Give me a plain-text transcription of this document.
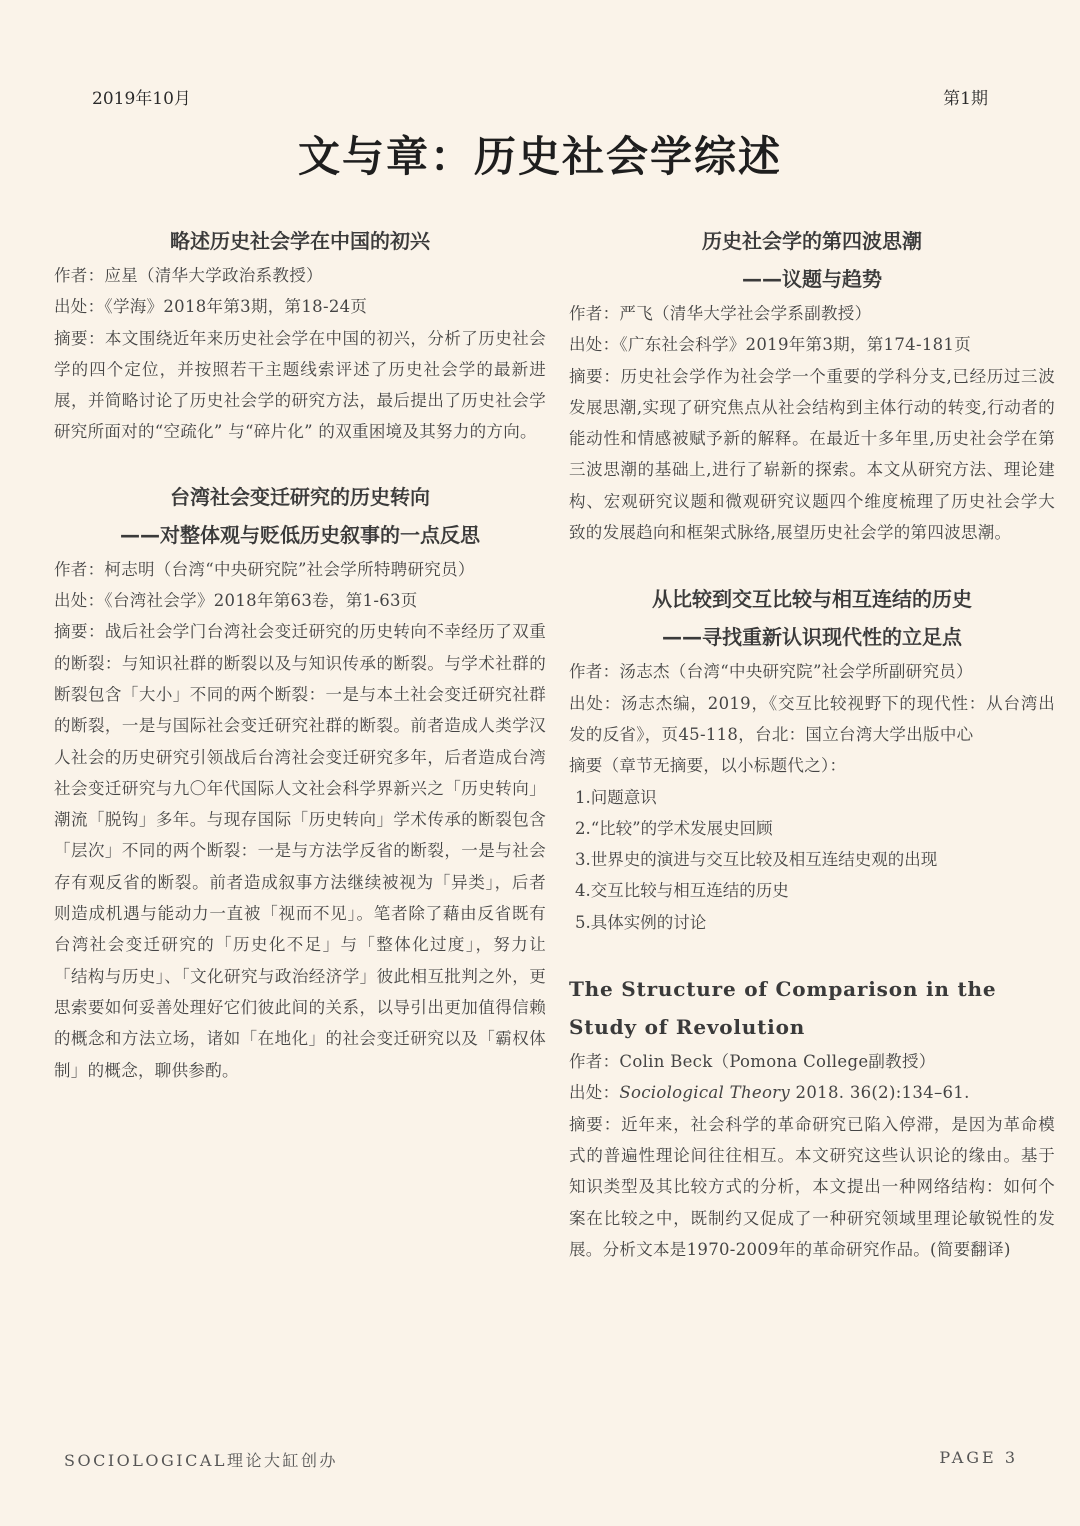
2019年10月	第1期
文与章：历史社会学综述
略述历史社会学在中国的初兴

作者：应星（清华大学政治系教授）

出处：《学海》2018年第3期，第18-24页

摘要：本文围绕近年来历史社会学在中国的初兴，分析了历史社会学的四个定位，并按照若干主题线索评述了历史社会学的最新进展，并简略讨论了历史社会学的研究方法，最后提出了历史社会学研究所面对的“空疏化” 与“碎片化” 的双重困境及其努力的方向。

台湾社会变迁研究的历史转向
——对整体观与贬低历史叙事的一点反思

作者：柯志明（台湾“中央研究院”社会学所特聘研究员）

出处：《台湾社会学》2018年第63卷，第1-63页

摘要：战后社会学门台湾社会变迁研究的历史转向不幸经历了双重的断裂：与知识社群的断裂以及与知识传承的断裂。与学术社群的断裂包含「大小」不同的两个断裂：一是与本土社会变迁研究社群的断裂，一是与国际社会变迁研究社群的断裂。前者造成人类学汉人社会的历史研究引领战后台湾社会变迁研究多年，后者造成台湾社会变迁研究与九〇年代国际人文社会科学界新兴之「历史转向」潮流「脱钩」多年。与现存国际「历史转向」学术传承的断裂包含「层次」不同的两个断裂：一是与方法学反省的断裂，一是与社会存有观反省的断裂。前者造成叙事方法继续被视为「异类」，后者则造成机遇与能动力一直被「视而不见」。笔者除了藉由反省既有台湾社会变迁研究的「历史化不足」与「整体化过度」，努力让「结构与历史」、「文化研究与政治经济学」彼此相互批判之外，更思索要如何妥善处理好它们彼此间的关系，以导引出更加值得信赖的概念和方法立场，诸如「在地化」的社会变迁研究以及「霸权体制」的概念，聊供参酌。

历史社会学的第四波思潮
——议题与趋势

作者：严飞（清华大学社会学系副教授）

出处：《广东社会科学》2019年第3期，第174-181页

摘要：历史社会学作为社会学一个重要的学科分支,已经历过三波发展思潮,实现了研究焦点从社会结构到主体行动的转变,行动者的能动性和情感被赋予新的解释。在最近十多年里,历史社会学在第三波思潮的基础上,进行了崭新的探索。本文从研究方法、理论建构、宏观研究议题和微观研究议题四个维度梳理了历史社会学大致的发展趋向和框架式脉络,展望历史社会学的第四波思潮。

从比较到交互比较与相互连结的历史
——寻找重新认识现代性的立足点

作者：汤志杰（台湾“中央研究院”社会学所副研究员）

出处：汤志杰编，2019，《交互比较视野下的现代性：从台湾出发的反省》，页45-118，台北：国立台湾大学出版中心

摘要（章节无摘要，以小标题代之）：

1.问题意识
2.“比较”的学术发展史回顾
3.世界史的演进与交互比较及相互连结史观的出现
4.交互比较与相互连结的历史
5.具体实例的讨论
The Structure of Comparison in the Study of Revolution

作者：Colin Beck（Pomona College副教授）

出处：Sociological Theory 2018. 36(2):134–61.

摘要：近年来，社会科学的革命研究已陷入停滞，是因为革命模式的普遍性理论间往往相互。本文研究这些认识论的缘由。基于知识类型及其比较方式的分析，本文提出一种网络结构：如何个案在比较之中，既制约又促成了一种研究领域里理论敏锐性的发展。分析文本是1970-2009年的革命研究作品。(简要翻译)

SOCIOLOGICAL理论大缸创办	PAGE 3
